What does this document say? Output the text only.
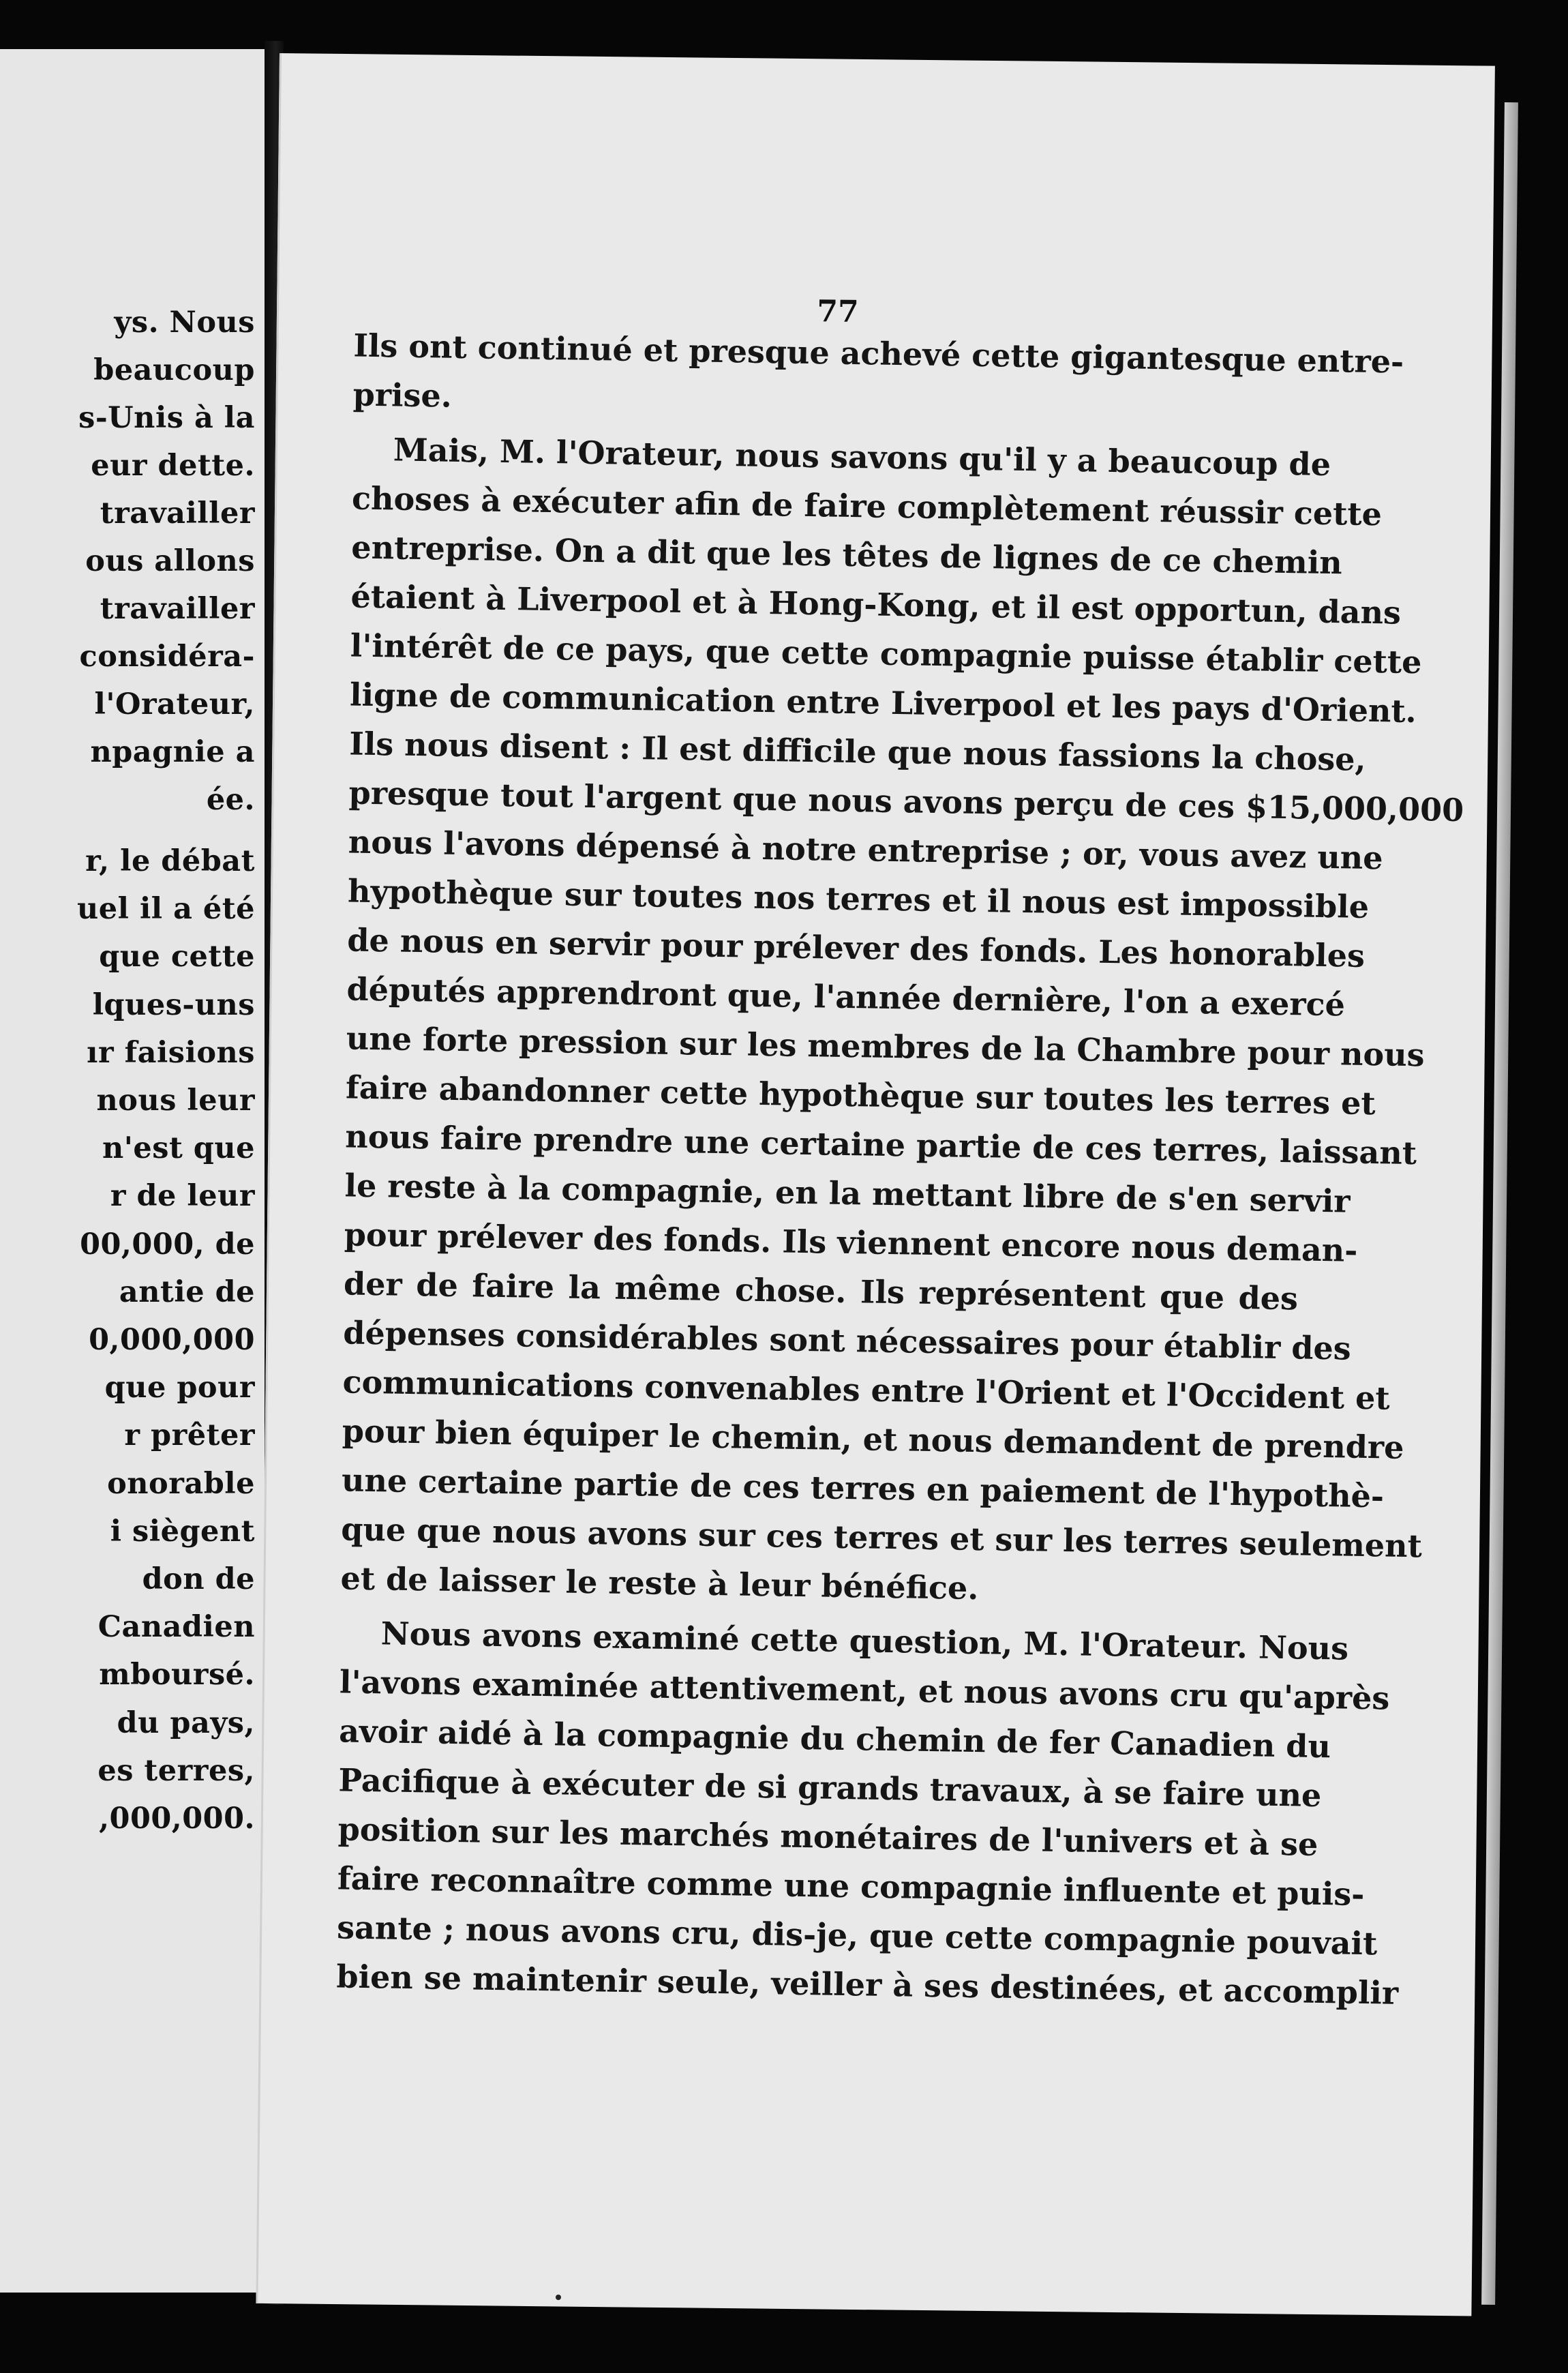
ys. Nous
beaucoup
s-Unis à la
eur dette.
travailler
ous allons
travailler
considéra-
l'Orateur,
npagnie a
ée.
r, le débat
uel il a été
que cette
lques-uns
ır faisions
nous leur
n'est que
r de leur
00,000, de
antie de
0,000,000
que pour
r prêter
onorable
i siègent
don de
Canadien
mboursé.
du pays,
es terres,
,000,000.
77
Ils ont continué et presque achevé cette gigantesque entre-
prise.
Mais, M. l'Orateur, nous savons qu'il y a beaucoup de
choses à exécuter afin de faire complètement réussir cette
entreprise. On a dit que les têtes de lignes de ce chemin
étaient à Liverpool et à Hong-Kong, et il est opportun, dans
l'intérêt de ce pays, que cette compagnie puisse établir cette
ligne de communication entre Liverpool et les pays d'Orient.
Ils nous disent : Il est difficile que nous fassions la chose,
presque tout l'argent que nous avons perçu de ces $15,000,000
nous l'avons dépensé à notre entreprise ; or, vous avez une
hypothèque sur toutes nos terres et il nous est impossible
de nous en servir pour prélever des fonds. Les honorables
députés apprendront que, l'année dernière, l'on a exercé
une forte pression sur les membres de la Chambre pour nous
faire abandonner cette hypothèque sur toutes les terres et
nous faire prendre une certaine partie de ces terres, laissant
le reste à la compagnie, en la mettant libre de s'en servir
pour prélever des fonds. Ils viennent encore nous deman-
der de faire la même chose. Ils représentent que des
dépenses considérables sont nécessaires pour établir des
communications convenables entre l'Orient et l'Occident et
pour bien équiper le chemin, et nous demandent de prendre
une certaine partie de ces terres en paiement de l'hypothè-
que que nous avons sur ces terres et sur les terres seulement
et de laisser le reste à leur bénéfice.
Nous avons examiné cette question, M. l'Orateur. Nous
l'avons examinée attentivement, et nous avons cru qu'après
avoir aidé à la compagnie du chemin de fer Canadien du
Pacifique à exécuter de si grands travaux, à se faire une
position sur les marchés monétaires de l'univers et à se
faire reconnaître comme une compagnie influente et puis-
sante ; nous avons cru, dis-je, que cette compagnie pouvait
bien se maintenir seule, veiller à ses destinées, et accomplir
